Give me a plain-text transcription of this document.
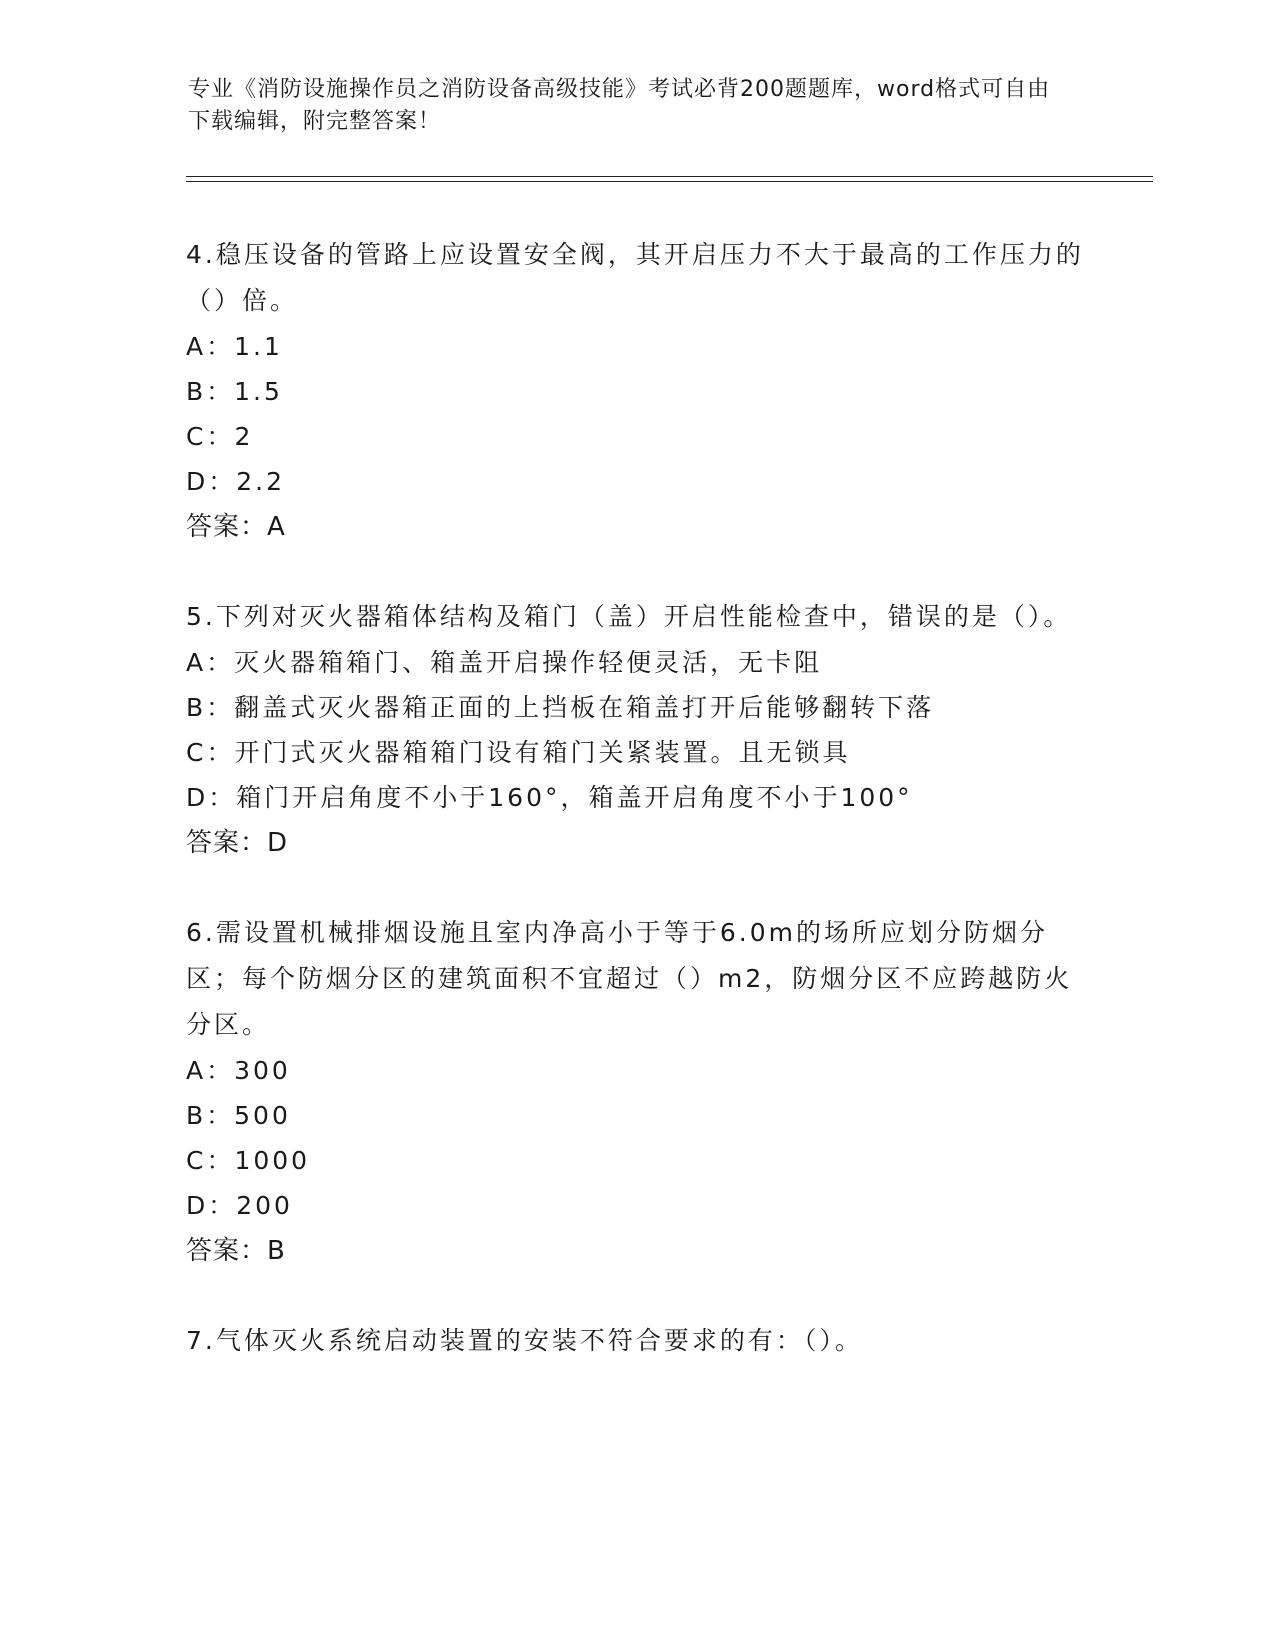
专业《消防设施操作员之消防设备高级技能》考试必背200题题库，word格式可自由下载编辑，附完整答案！

4.稳压设备的管路上应设置安全阀，其开启压力不大于最高的工作压力的（）倍。

A：1.1

B：1.5

C：2

D：2.2

答案：A

5.下列对灭火器箱体结构及箱门（盖）开启性能检查中，错误的是（）。

A：灭火器箱箱门、箱盖开启操作轻便灵活，无卡阻

B：翻盖式灭火器箱正面的上挡板在箱盖打开后能够翻转下落

C：开门式灭火器箱箱门设有箱门关紧装置。且无锁具

D：箱门开启角度不小于160°，箱盖开启角度不小于100°

答案：D

6.需设置机械排烟设施且室内净高小于等于6.0m的场所应划分防烟分区；每个防烟分区的建筑面积不宜超过（）m2，防烟分区不应跨越防火分区。

A：300

B：500

C：1000

D：200

答案：B

7.气体灭火系统启动装置的安装不符合要求的有：（）。
